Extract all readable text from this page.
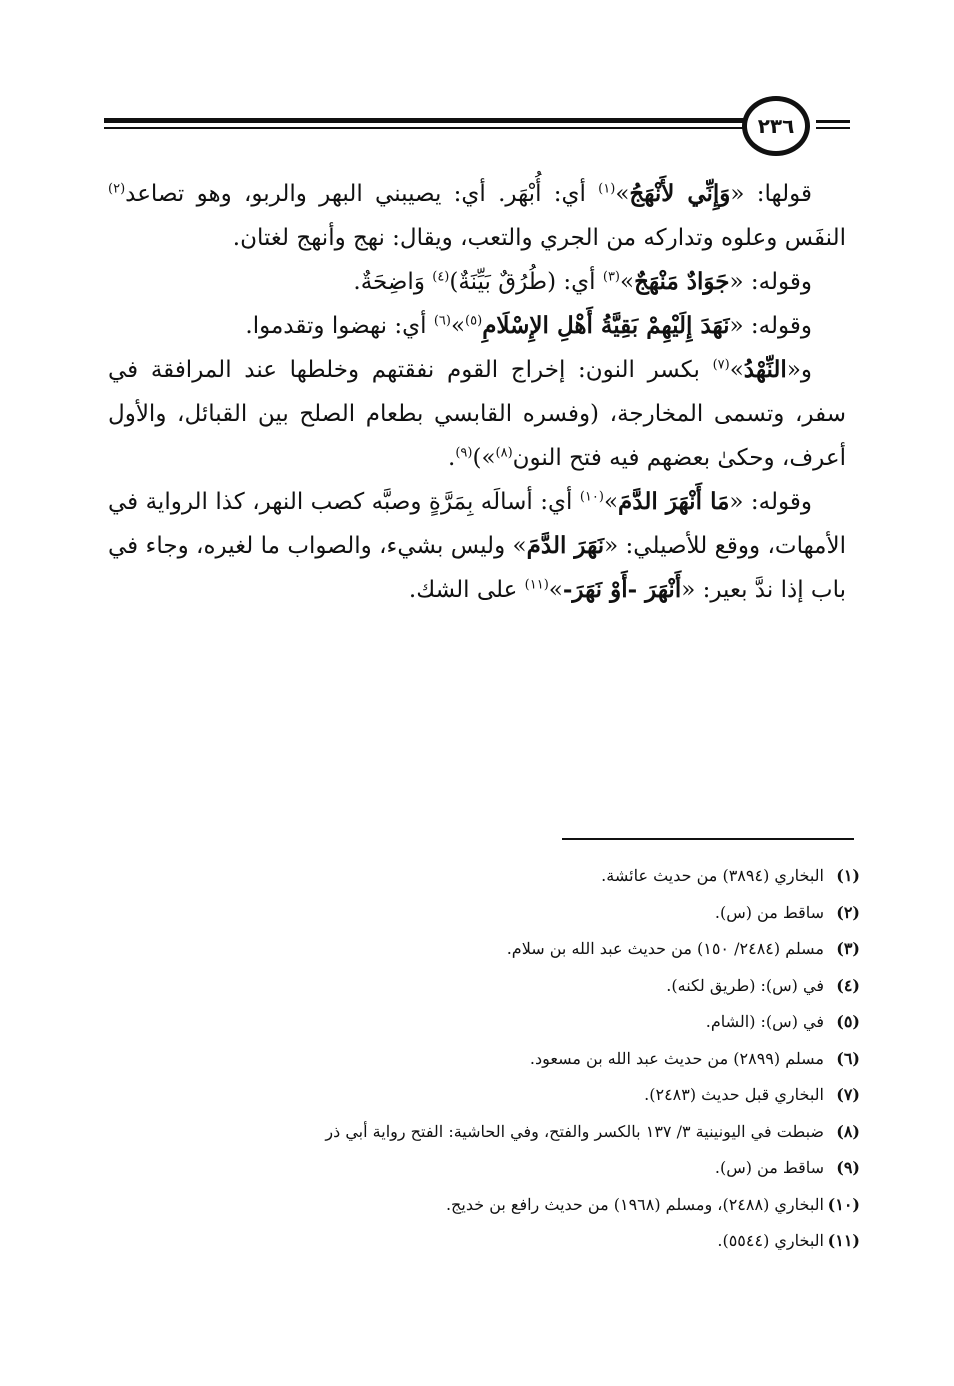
٢٣٦

قولها: «وَإِنِّي لأَنْهَجُ»$^{(١)}$ أي: أُبْهَر. أي: يصيبني البهر والربو، وهو تصاعد$^{(٢)}$ النفَس وعلوه وتداركه من الجري والتعب، ويقال: نهج وأنهج لغتان.

وقوله: «جَوَادٌ مَنْهَجٌ»$^{(٣)}$ أي: (طُرُقٌ بَيِّنَةٌ)$^{(٤)}$ وَاضِحَةٌ.

وقوله: «نَهَدَ إِلَيْهِمْ بَقِيَّةُ أَهْلِ الإِسْلَامِ$^{(٥)}$»$^{(٦)}$ أي: نهضوا وتقدموا.

و«النِّهْدُ»$^{(٧)}$ بكسر النون: إخراج القوم نفقتهم وخلطها عند المرافقة في سفر، وتسمى المخارجة، (وفسره القابسي بطعام الصلح بين القبائل، والأول أعرف، وحكىٰ بعضهم فيه فتح النون$^{(٨)}$»)$^{(٩)}$.

وقوله: «مَا أَنْهَرَ الدَّمَ»$^{(١٠)}$ أي: أسالَه بِمَرَّةٍ وصبَّه كصب النهر، كذا الرواية في الأمهات، ووقع للأصيلي: «نَهَرَ الدَّمَ» وليس بشيء، والصواب ما لغيره، وجاء في باب إذا ندَّ بعير: «أَنْهَرَ -أَوْ نَهَرَ-»$^{(١١)}$ على الشك.

(١)البخاري (٣٨٩٤) من حديث عائشة.
(٢)ساقط من (س).
(٣)مسلم (٢٤٨٤/ ١٥٠) من حديث عبد الله بن سلام.
(٤)في (س): (طريق لكنه).
(٥)في (س): (الشام.
(٦)مسلم (٢٨٩٩) من حديث عبد الله بن مسعود.
(٧)البخاري قبل حديث (٢٤٨٣).
(٨)ضبطت في اليونينية ٣/ ١٣٧ بالكسر والفتح، وفي الحاشية: الفتح رواية أبي ذر
(٩)ساقط من (س).
(١٠)البخاري (٢٤٨٨)، ومسلم (١٩٦٨) من حديث رافع بن خديج.
(١١)البخاري (٥٥٤٤).
